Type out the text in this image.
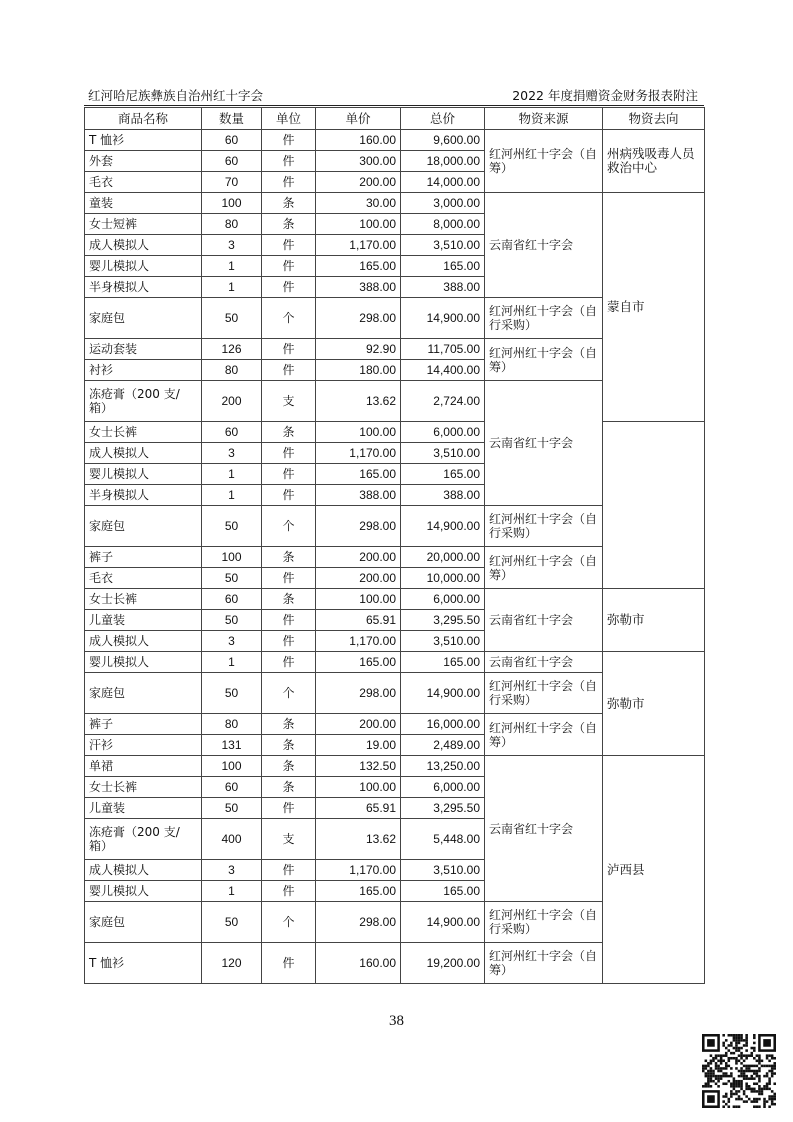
红河哈尼族彝族自治州红十字会	2022 年度捐赠资金财务报表附注
商品名称	数量	单位	单价	总价	物资来源	物资去向	
T 恤衫	60	件	160.00	9,600.00	红河州红十字会（自筹）	州病残吸毒人员救治中心	
外套	60	件	300.00	18,000.00			
毛衣	70	件	200.00	14,000.00			
童装	100	条	30.00	3,000.00	云南省红十字会	蒙自市	
女士短裤	80	条	100.00	8,000.00			
成人模拟人	3	件	1,170.00	3,510.00			
婴儿模拟人	1	件	165.00	165.00			
半身模拟人	1	件	388.00	388.00			
家庭包	50	个	298.00	14,900.00	红河州红十字会（自行采购）		
运动套装	126	件	92.90	11,705.00	红河州红十字会（自筹）		
衬衫	80	件	180.00	14,400.00			
冻疮膏（200 支/箱）	200	支	13.62	2,724.00	云南省红十字会	
女士长裤	60	条	100.00	6,000.00			
成人模拟人	3	件	1,170.00	3,510.00			
婴儿模拟人	1	件	165.00	165.00			
半身模拟人	1	件	388.00	388.00			
家庭包	50	个	298.00	14,900.00	红河州红十字会（自行采购）		
裤子	100	条	200.00	20,000.00	红河州红十字会（自筹）		
毛衣	50	件	200.00	10,000.00			
女士长裤	60	条	100.00	6,000.00	云南省红十字会	弥勒市	
儿童装	50	件	65.91	3,295.50			
成人模拟人	3	件	1,170.00	3,510.00			
婴儿模拟人	1	件	165.00	165.00	云南省红十字会	弥勒市	
家庭包	50	个	298.00	14,900.00	红河州红十字会（自行采购）		
裤子	80	条	200.00	16,000.00	红河州红十字会（自筹）		
汗衫	131	条	19.00	2,489.00			
单裙	100	条	132.50	13,250.00	云南省红十字会	泸西县	
女士长裤	60	条	100.00	6,000.00			
儿童装	50	件	65.91	3,295.50			
冻疮膏（200 支/箱）	400	支	13.62	5,448.00			
成人模拟人	3	件	1,170.00	3,510.00			
婴儿模拟人	1	件	165.00	165.00			
家庭包	50	个	298.00	14,900.00	红河州红十字会（自行采购）		
T 恤衫	120	件	160.00	19,200.00	红河州红十字会（自筹）		
38
